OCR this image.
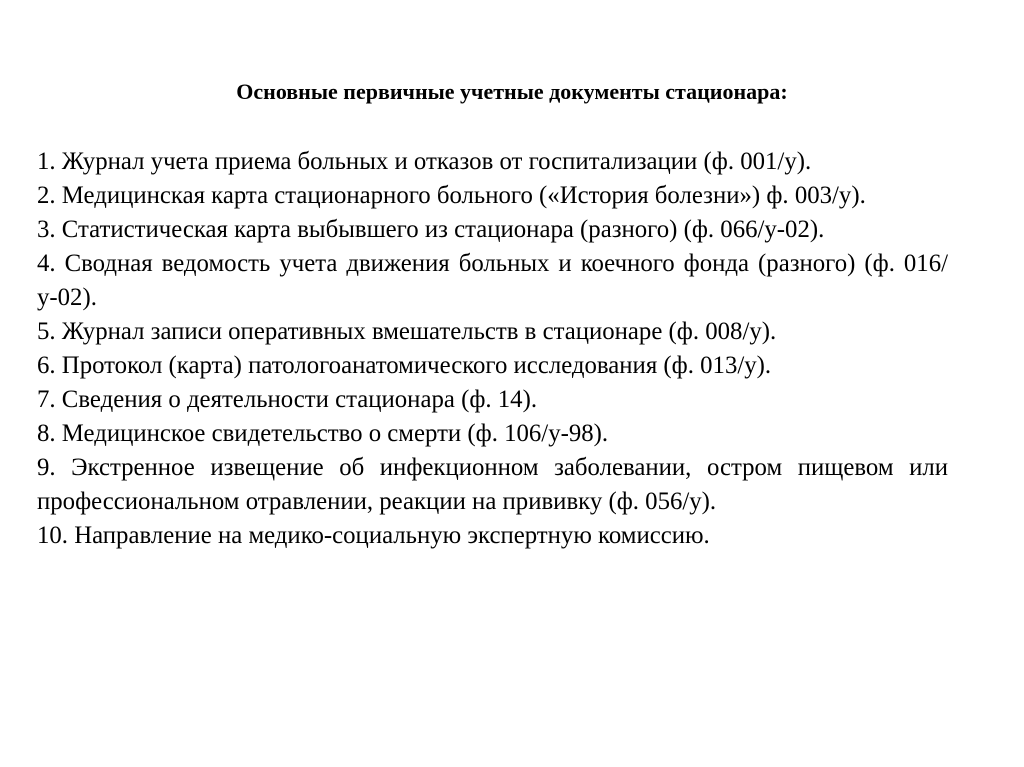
Основные первичные учетные документы стационара:
1. Журнал учета приема больных и отказов от госпитализации (ф. 001/у).
2. Медицинская карта стационарного больного («История болезни») ф. 003/у).
3. Статистическая карта выбывшего из стационара (разного) (ф. 066/у-02).
4. Сводная ведомость учета движения больных и коечного фонда (разного) (ф. 016/у-02).
5. Журнал записи оперативных вмешательств в стационаре (ф. 008/у).
6. Протокол (карта) патологоанатомического исследования (ф. 013/у).
7. Сведения о деятельности стационара (ф. 14).
8. Медицинское свидетельство о смерти (ф. 106/у-98).
9. Экстренное извещение об инфекционном заболевании, остром пищевом или профессиональном отравлении, реакции на прививку (ф. 056/у).
10. Направление на медико-социальную экспертную комиссию.
